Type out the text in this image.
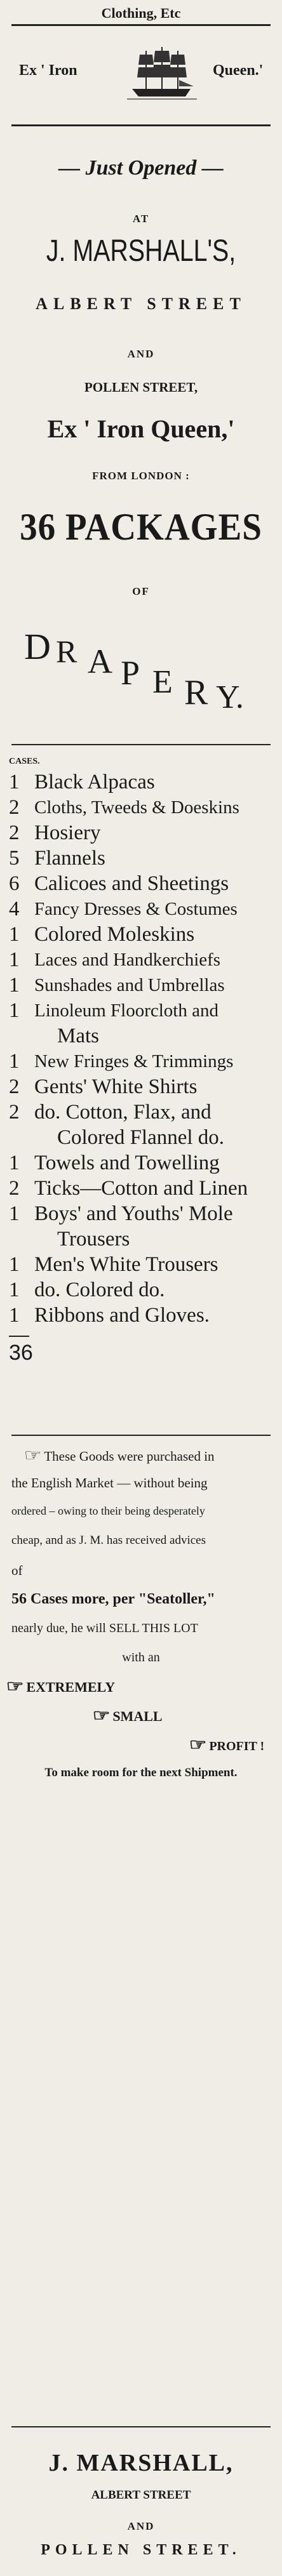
Clothing, Etc
Ex ' Iron	Queen.'
— Just Opened —
AT
J. MARSHALL'S,
ALBERT STREET
AND
POLLEN STREET,
Ex ' Iron Queen,'
FROM LONDON :
36 PACKAGES
OF
D R A P E R Y.
CASES.
1 Black Alpacas
2 Cloths, Tweeds & Doeskins
2 Hosiery
5 Flannels
6 Calicoes and Sheetings
4 Fancy Dresses & Costumes
1 Colored Moleskins
1 Laces and Handkerchiefs
1 Sunshades and Umbrellas
1 Linoleum Floorcloth and
Mats
1 New Fringes & Trimmings
2 Gents' White Shirts
2 do. Cotton, Flax, and
Colored Flannel do.
1 Towels and Towelling
2 Ticks—Cotton and Linen
1 Boys' and Youths' Mole
Trousers
1 Men's White Trousers
1 do. Colored do.
1 Ribbons and Gloves.
36
☞ These Goods were purchased in
the English Market — without being
ordered – owing to their being desperately
cheap, and as J. M. has received advices
of
56 Cases more, per "Seatoller,"
nearly due, he will SELL THIS LOT
with an
☞ EXTREMELY
☞ SMALL
☞ PROFIT !
To make room for the next Shipment.
J. MARSHALL,
ALBERT STREET
AND
POLLEN STREET.
